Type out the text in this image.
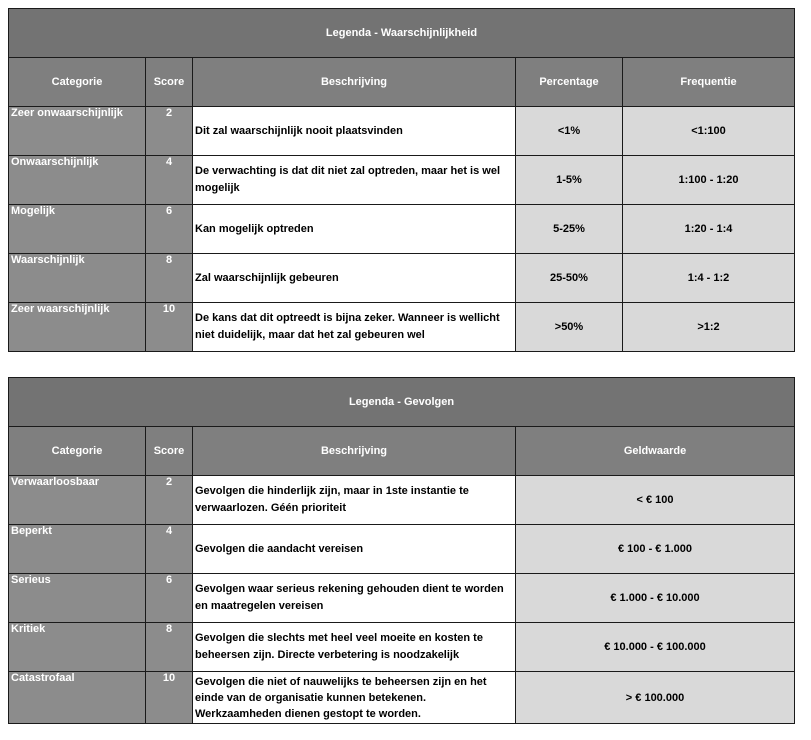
Legenda - Waarschijnlijkheid				
Categorie	Score	Beschrijving	Percentage	Frequentie
Zeer onwaarschijnlijk	2	Dit zal waarschijnlijk nooit plaatsvinden	<1%	<1:100
Onwaarschijnlijk	4	De verwachting is dat dit niet zal optreden, maar het is wel mogelijk	1-5%	1:100 - 1:20
Mogelijk	6	Kan mogelijk optreden	5-25%	1:20 - 1:4
Waarschijnlijk	8	Zal waarschijnlijk gebeuren	25-50%	1:4 - 1:2
Zeer waarschijnlijk	10	De kans dat dit optreedt is bijna zeker. Wanneer is wellicht niet duidelijk, maar dat het zal gebeuren wel	>50%	>1:2
Legenda - Gevolgen			
Categorie	Score	Beschrijving	Geldwaarde
Verwaarloosbaar	2	Gevolgen die hinderlijk zijn, maar in 1ste instantie te verwaarlozen. Géén prioriteit	< € 100
Beperkt	4	Gevolgen die aandacht vereisen	€ 100 - € 1.000
Serieus	6	Gevolgen waar serieus rekening gehouden dient te worden en maatregelen vereisen	€ 1.000 - € 10.000
Kritiek	8	Gevolgen die slechts met heel veel moeite en kosten te beheersen zijn. Directe verbetering is noodzakelijk	€ 10.000 - € 100.000
Catastrofaal	10	Gevolgen die niet of nauwelijks te beheersen zijn en het einde van de organisatie kunnen betekenen. Werkzaamheden dienen gestopt te worden.	> € 100.000
